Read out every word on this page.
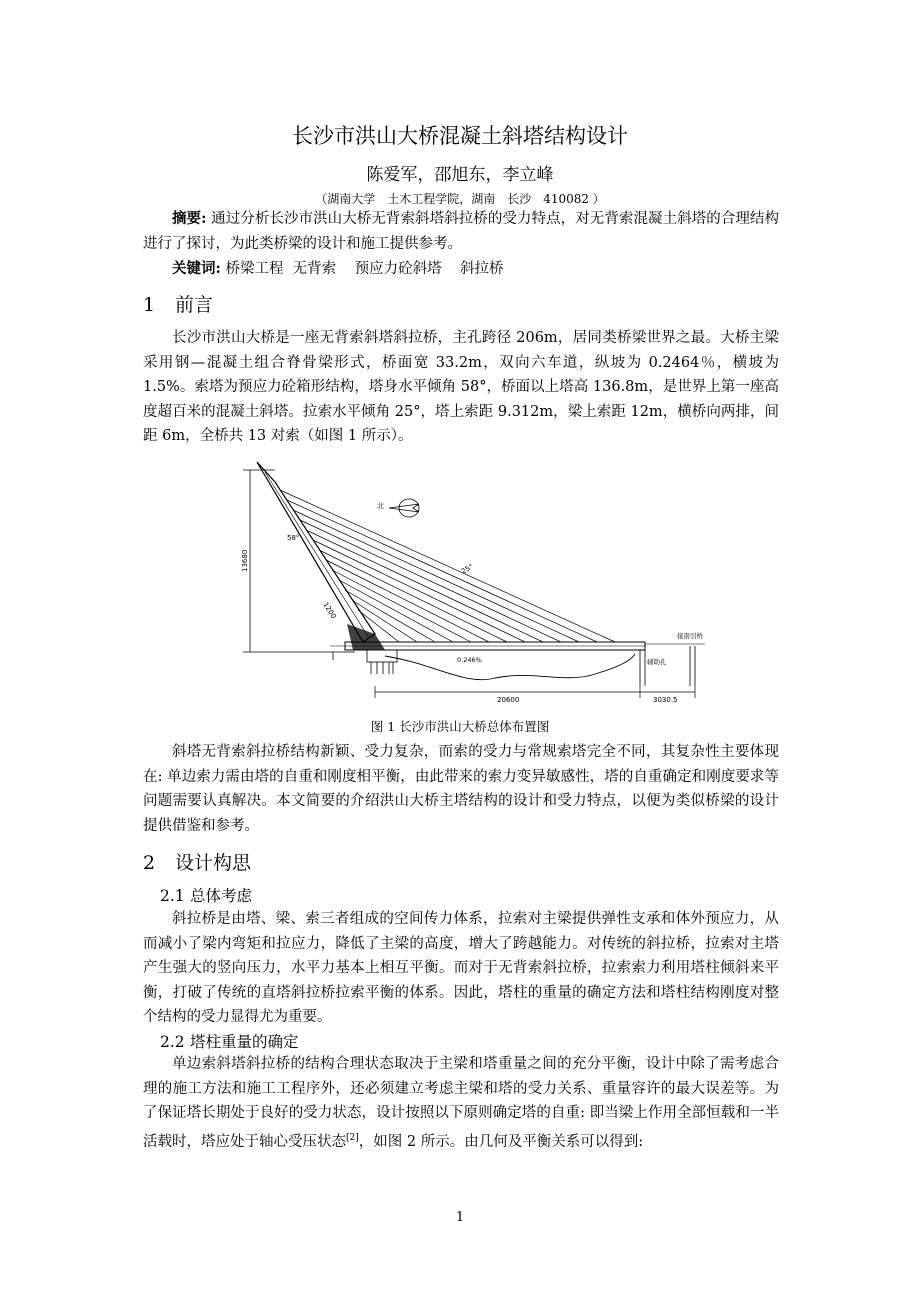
长沙市洪山大桥混凝土斜塔结构设计
陈爱军，邵旭东，李立峰
（湖南大学　土木工程学院，湖南　长沙　410082 ）

摘要: 通过分析长沙市洪山大桥无背索斜塔斜拉桥的受力特点，对无背索混凝土斜塔的合理结构进行了探讨，为此类桥梁的设计和施工提供参考。

关键词: 桥梁工程  无背索    预应力砼斜塔    斜拉桥

1 前言

长沙市洪山大桥是一座无背索斜塔斜拉桥，主孔跨径 206m，居同类桥梁世界之最。大桥主梁采用钢—混凝土组合脊骨梁形式，桥面宽 33.2m，双向六车道，纵坡为 0.2464％，横坡为 1.5%。索塔为预应力砼箱形结构，塔身水平倾角 58°，桥面以上塔高 136.8m，是世界上第一座高度超百米的混凝土斜塔。拉索水平倾角 25°，塔上索距 9.312m，梁上索距 12m，横桥向两排，间距 6m，全桥共 13 对索（如图 1 所示）。

13680
58°
1200
25°
北
接南引桥
0.246%	辅助孔
20600	3030.5
图 1 长沙市洪山大桥总体布置图

斜塔无背索斜拉桥结构新颖、受力复杂，而索的受力与常规索塔完全不同，其复杂性主要体现在: 单边索力需由塔的自重和刚度相平衡，由此带来的索力变异敏感性，塔的自重确定和刚度要求等问题需要认真解决。本文简要的介绍洪山大桥主塔结构的设计和受力特点，以便为类似桥梁的设计提供借鉴和参考。

2 设计构思
2.1 总体考虑

斜拉桥是由塔、梁、索三者组成的空间传力体系，拉索对主梁提供弹性支承和体外预应力，从而减小了梁内弯矩和拉应力，降低了主梁的高度，增大了跨越能力。对传统的斜拉桥，拉索对主塔产生强大的竖向压力，水平力基本上相互平衡。而对于无背索斜拉桥，拉索索力利用塔柱倾斜来平衡，打破了传统的直塔斜拉桥拉索平衡的体系。因此，塔柱的重量的确定方法和塔柱结构刚度对整个结构的受力显得尤为重要。

2.2 塔柱重量的确定

单边索斜塔斜拉桥的结构合理状态取决于主梁和塔重量之间的充分平衡，设计中除了需考虑合理的施工方法和施工工程序外，还必须建立考虑主梁和塔的受力关系、重量容许的最大误差等。为了保证塔长期处于良好的受力状态，设计按照以下原则确定塔的自重: 即当梁上作用全部恒载和一半活载时，塔应处于轴心受压状态[2]，如图 2 所示。由几何及平衡关系可以得到:

1
